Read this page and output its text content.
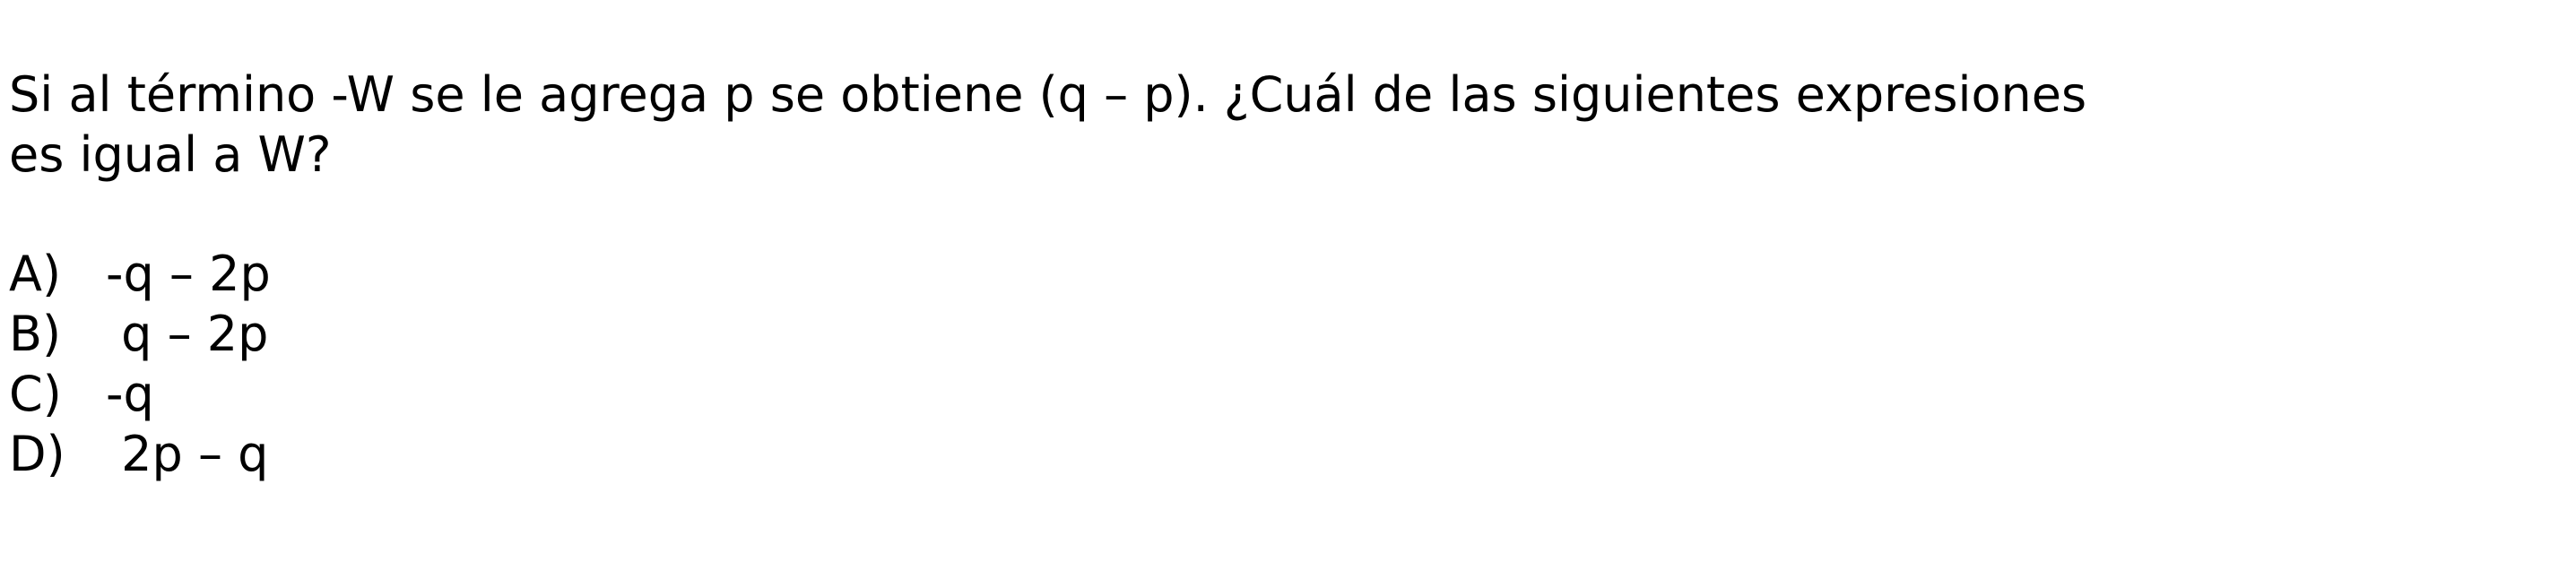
Si al término -W se le agrega p se obtiene (q – p). ¿Cuál de las siguientes expresiones
es igual a W?

A) -q – 2p
B) q – 2p
C) -q
D) 2p – q
